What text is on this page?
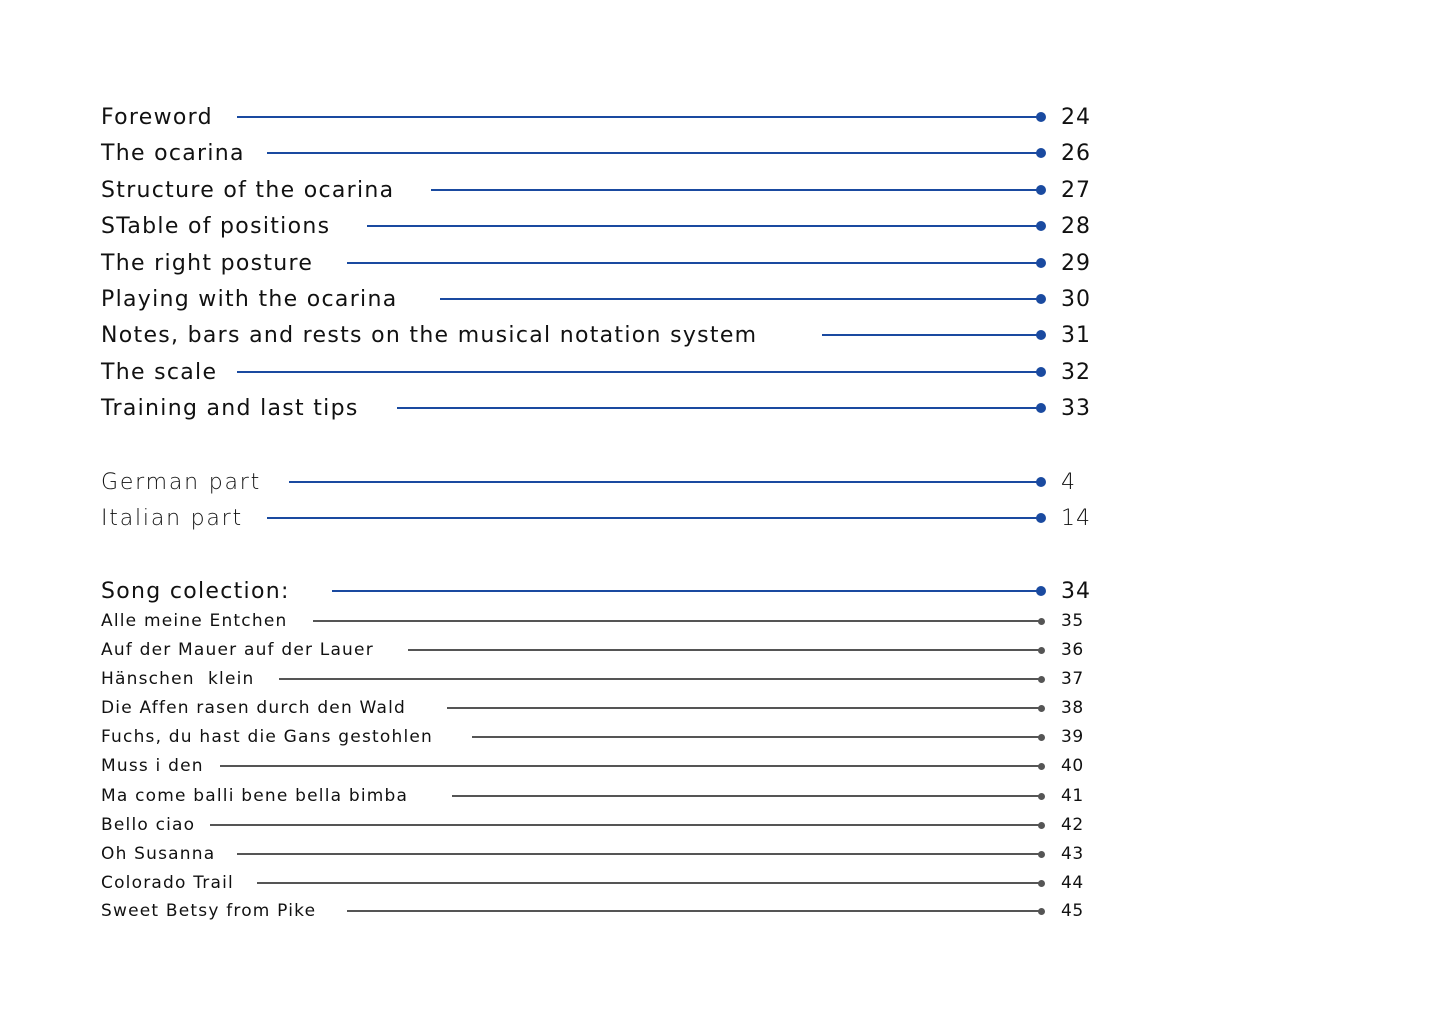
Foreword	24
The ocarina	26
Structure of the ocarina	27
STable of positions	28
The right posture	29
Playing with the ocarina	30
Notes, bars and rests on the musical notation system	31
The scale	32
Training and last tips	33
German part	4
Italian part	14
Song colection:	34
Alle meine Entchen	35
Auf der Mauer auf der Lauer	36
Hänschen  klein	37
Die Affen rasen durch den Wald	38
Fuchs, du hast die Gans gestohlen	39
Muss i den	40
Ma come balli bene bella bimba	41
Bello ciao	42
Oh Susanna	43
Colorado Trail	44
Sweet Betsy from Pike	45
